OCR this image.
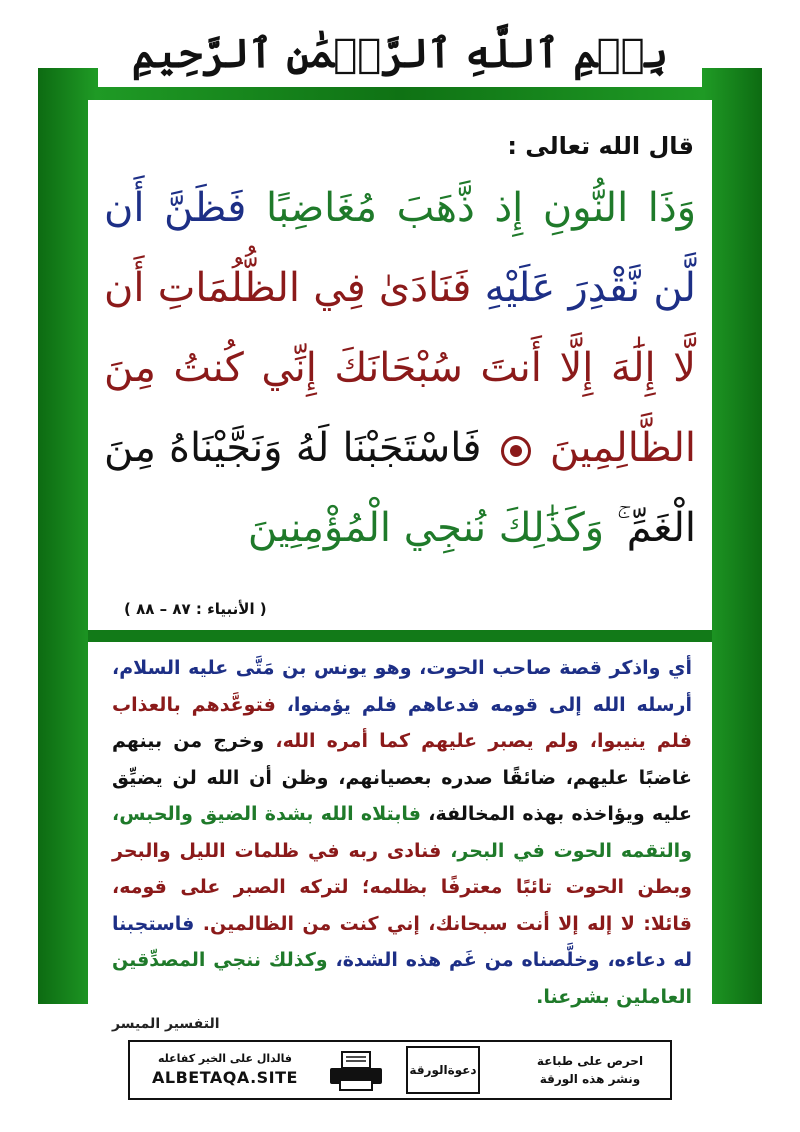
بِسۡمِ ٱللَّهِ ٱلرَّحۡمَٰنِ ٱلرَّحِيمِ
قال الله تعالى :
وَذَا النُّونِ إِذ ذَّهَبَ مُغَاضِبًا فَظَنَّ أَن لَّن نَّقْدِرَ عَلَيْهِ فَنَادَىٰ فِي الظُّلُمَاتِ أَن لَّا إِلَٰهَ إِلَّا أَنتَ سُبْحَانَكَ إِنِّي كُنتُ مِنَ الظَّالِمِينَ  فَاسْتَجَبْنَا لَهُ وَنَجَّيْنَاهُ مِنَ الْغَمِّ ۚ وَكَذَٰلِكَ نُنجِي الْمُؤْمِنِينَ
( الأنبياء : ٨٧ – ٨٨ )
أي واذكر قصة صاحب الحوت، وهو يونس بن مَتَّى عليه السلام، أرسله الله إلى قومه فدعاهم فلم يؤمنوا، فتوعَّدهم بالعذاب فلم ينيبوا، ولم يصبر عليهم كما أمره الله، وخرج من بينهم غاضبًا عليهم، ضائقًا صدره بعصيانهم، وظن أن الله لن يضيِّق عليه ويؤاخذه بهذه المخالفة، فابتلاه الله بشدة الضيق والحبس، والتقمه الحوت في البحر، فنادى ربه في ظلمات الليل والبحر وبطن الحوت تائبًا معترفًا بظلمه؛ لتركه الصبر على قومه، قائلا: لا إله إلا أنت سبحانك، إني كنت من الظالمين. فاستجبنا له دعاءه، وخلَّصناه من غَم هذه الشدة، وكذلك ننجي المصدِّقين العاملين بشرعنا.
التفسير الميسر
احرص على طباعة
ونشر هذه الورقة
دعوة

الورقة
فالدال على الخير كفاعله
ALBETAQA.SITE
